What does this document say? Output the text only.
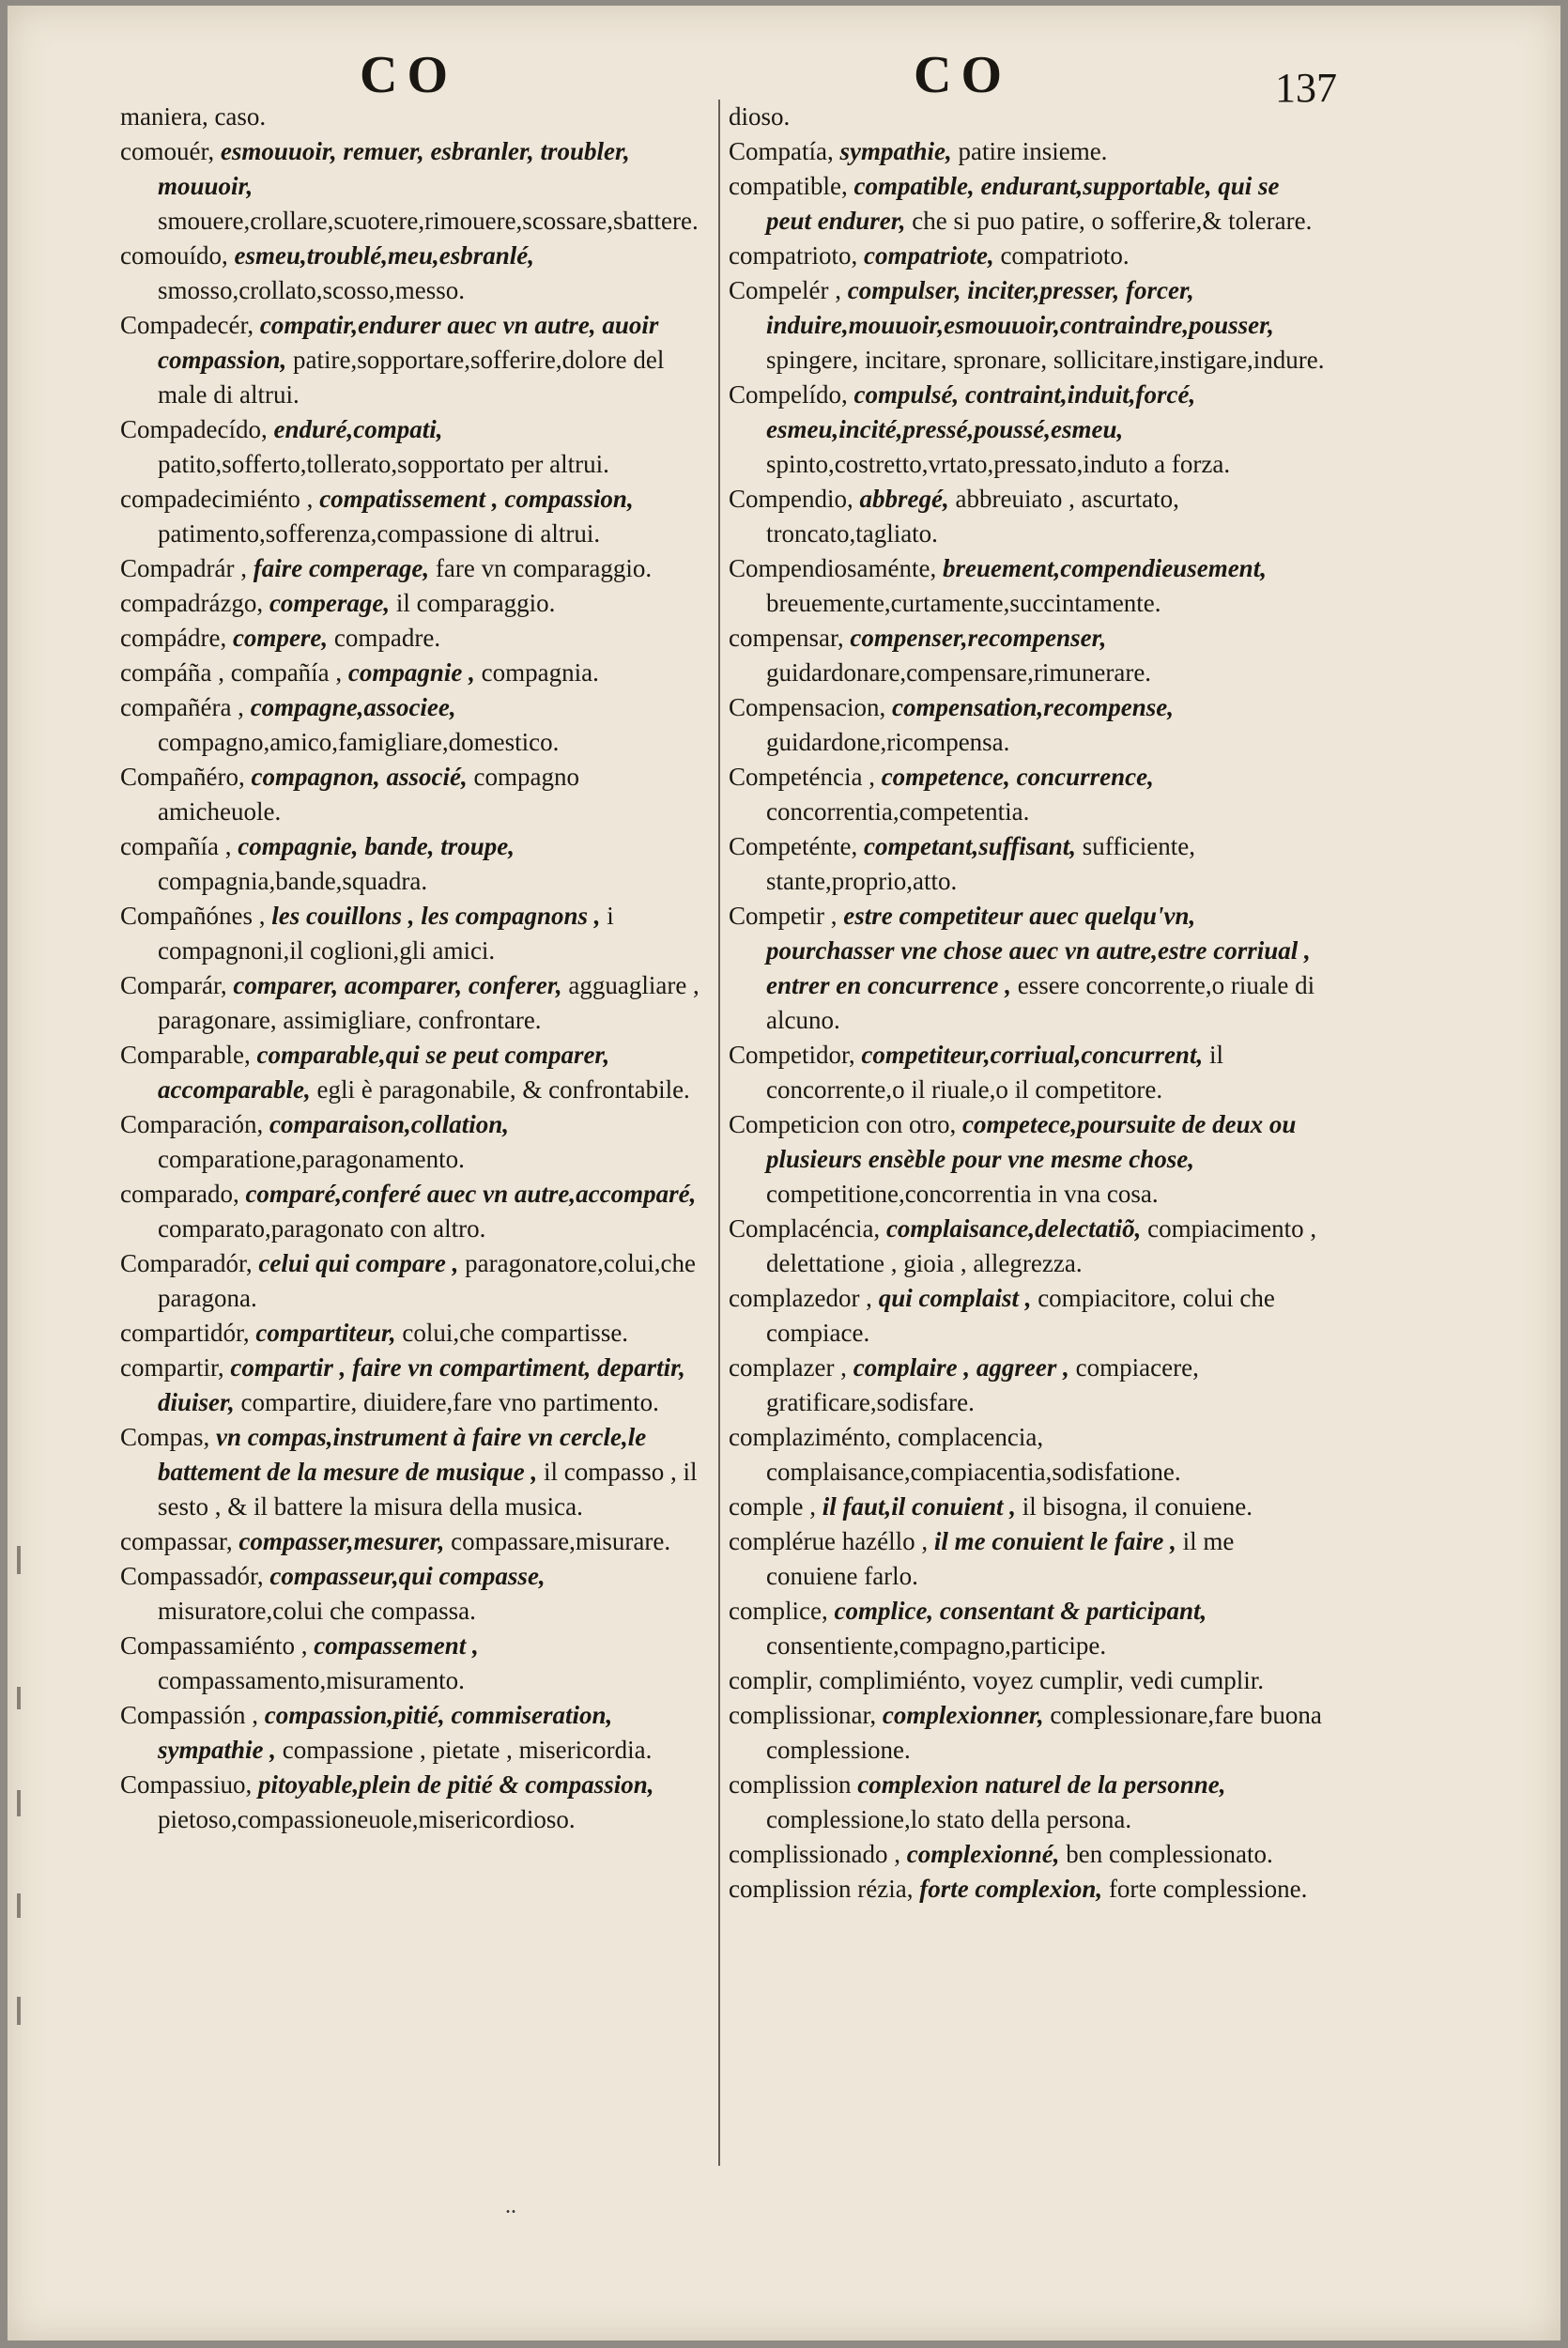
CO	CO	137

maniera, caso.

comouér, esmouuoir, remuer, esbranler, troubler, mouuoir, smouere,crollare,scuotere,rimouere,scossare,sbattere.

comouído, esmeu,troublé,meu,esbranlé, smosso,crollato,scosso,messo.

Compadecér, compatir,endurer auec vn autre, auoir compassion, patire,sopportare,sofferire,dolore del male di altrui.

Compadecído, enduré,compati, patito,sofferto,tollerato,sopportato per altrui.

compadecimiénto , compatissement , compassion, patimento,sofferenza,compassione di altrui.

Compadrár , faire comperage, fare vn comparaggio.

compadrázgo, comperage, il comparaggio.

compádre, compere, compadre.

compáña , compañía , compagnie , compagnia.

compañéra , compagne,associee, compagno,amico,famigliare,domestico.

Compañéro, compagnon, associé, compagno amicheuole.

compañía , compagnie, bande, troupe, compagnia,bande,squadra.

Compañónes , les couillons , les compagnons , i compagnoni,il coglioni,gli amici.

Comparár, comparer, acomparer, conferer, agguagliare , paragonare, assimigliare, confrontare.

Comparable, comparable,qui se peut comparer, accomparable, egli è paragonabile, & confrontabile.

Comparación, comparaison,collation, comparatione,paragonamento.

comparado, comparé,conferé auec vn autre,accomparé, comparato,paragonato con altro.

Comparadór, celui qui compare , paragonatore,colui,che paragona.

compartidór, compartiteur, colui,che compartisse.

compartir, compartir , faire vn compartiment, departir, diuiser, compartire, diuidere,fare vno partimento.

Compas, vn compas,instrument à faire vn cercle,le battement de la mesure de musique , il compasso , il sesto , & il battere la misura della musica.

compassar, compasser,mesurer, compassare,misurare.

Compassadór, compasseur,qui compasse, misuratore,colui che compassa.

Compassamiénto , compassement , compassamento,misuramento.

Compassión , compassion,pitié, commiseration, sympathie , compassione , pietate , misericordia.

Compassiuo, pitoyable,plein de pitié & compassion, pietoso,compassioneuole,misericordioso.

dioso.

Compatía, sympathie, patire insieme.

compatible, compatible, endurant,supportable, qui se peut endurer, che si puo patire, o sofferire,& tolerare.

compatrioto, compatriote, compatrioto.

Compelér , compulser, inciter,presser, forcer, induire,mouuoir,esmouuoir,contraindre,pousser, spingere, incitare, spronare, sollicitare,instigare,indure.

Compelído, compulsé, contraint,induit,forcé, esmeu,incité,pressé,poussé,esmeu, spinto,costretto,vrtato,pressato,induto a forza.

Compendio, abbregé, abbreuiato , ascurtato, troncato,tagliato.

Compendiosaménte, breuement,compendieusement, breuemente,curtamente,succintamente.

compensar, compenser,recompenser, guidardonare,compensare,rimunerare.

Compensacion, compensation,recompense, guidardone,ricompensa.

Competéncia , competence, concurrence, concorrentia,competentia.

Competénte, competant,suffisant, sufficiente, stante,proprio,atto.

Competir , estre competiteur auec quelqu'vn, pourchasser vne chose auec vn autre,estre corriual , entrer en concurrence , essere concorrente,o riuale di alcuno.

Competidor, competiteur,corriual,concurrent, il concorrente,o il riuale,o il competitore.

Competicion con otro, competece,poursuite de deux ou plusieurs ensèble pour vne mesme chose, competitione,concorrentia in vna cosa.

Complacéncia, complaisance,delectatiõ, compiacimento , delettatione , gioia , allegrezza.

complazedor , qui complaist , compiacitore, colui che compiace.

complazer , complaire , aggreer , compiacere, gratificare,sodisfare.

complaziménto, complacencia, complaisance,compiacentia,sodisfatione.

comple , il faut,il conuient , il bisogna, il conuiene.

complérue hazéllo , il me conuient le faire , il me conuiene farlo.

complice, complice, consentant & participant, consentiente,compagno,participe.

complir, complimiénto, voyez cumplir, vedi cumplir.

complissionar, complexionner, complessionare,fare buona complessione.

complission complexion naturel de la personne, complessione,lo stato della persona.

complissionado , complexionné, ben complessionato.

complission rézia, forte complexion, forte complessione.

..
